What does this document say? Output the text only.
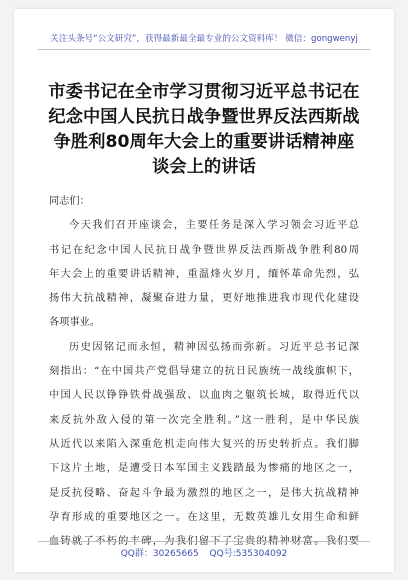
关注头条号“公文研究”，获得最新最全最专业的公文资料库！ 微信：gongwenyj
市委书记在全市学习贯彻习近平总书记在
纪念中国人民抗日战争暨世界反法西斯战
争胜利80周年大会上的重要讲话精神座
谈会上的讲话
同志们：
今天我们召开座谈会，主要任务是深入学习领会习近平总
书记在纪念中国人民抗日战争暨世界反法西斯战争胜利80周
年大会上的重要讲话精神，重温烽火岁月，缅怀革命先烈，弘
扬伟大抗战精神，凝聚奋进力量，更好地推进我市现代化建设
各项事业。
历史因铭记而永恒，精神因弘扬而弥新。习近平总书记深
刻指出：“在中国共产党倡导建立的抗日民族统一战线旗帜下，
中国人民以铮铮铁骨战强敌、以血肉之躯筑长城，取得近代以
来反抗外敌入侵的第一次完全胜利。”这一胜利，是中华民族
从近代以来陷入深重危机走向伟大复兴的历史转折点。我们脚
下这片土地，是遭受日本军国主义践踏最为惨痛的地区之一，
是反抗侵略、奋起斗争最为激烈的地区之一，是伟大抗战精神
孕育形成的重要地区之一。在这里，无数英雄儿女用生命和鲜
血铸就了不朽的丰碑，为我们留下了宝贵的精神财富。我们要
QQ群：30265665 QQ号:535304092
